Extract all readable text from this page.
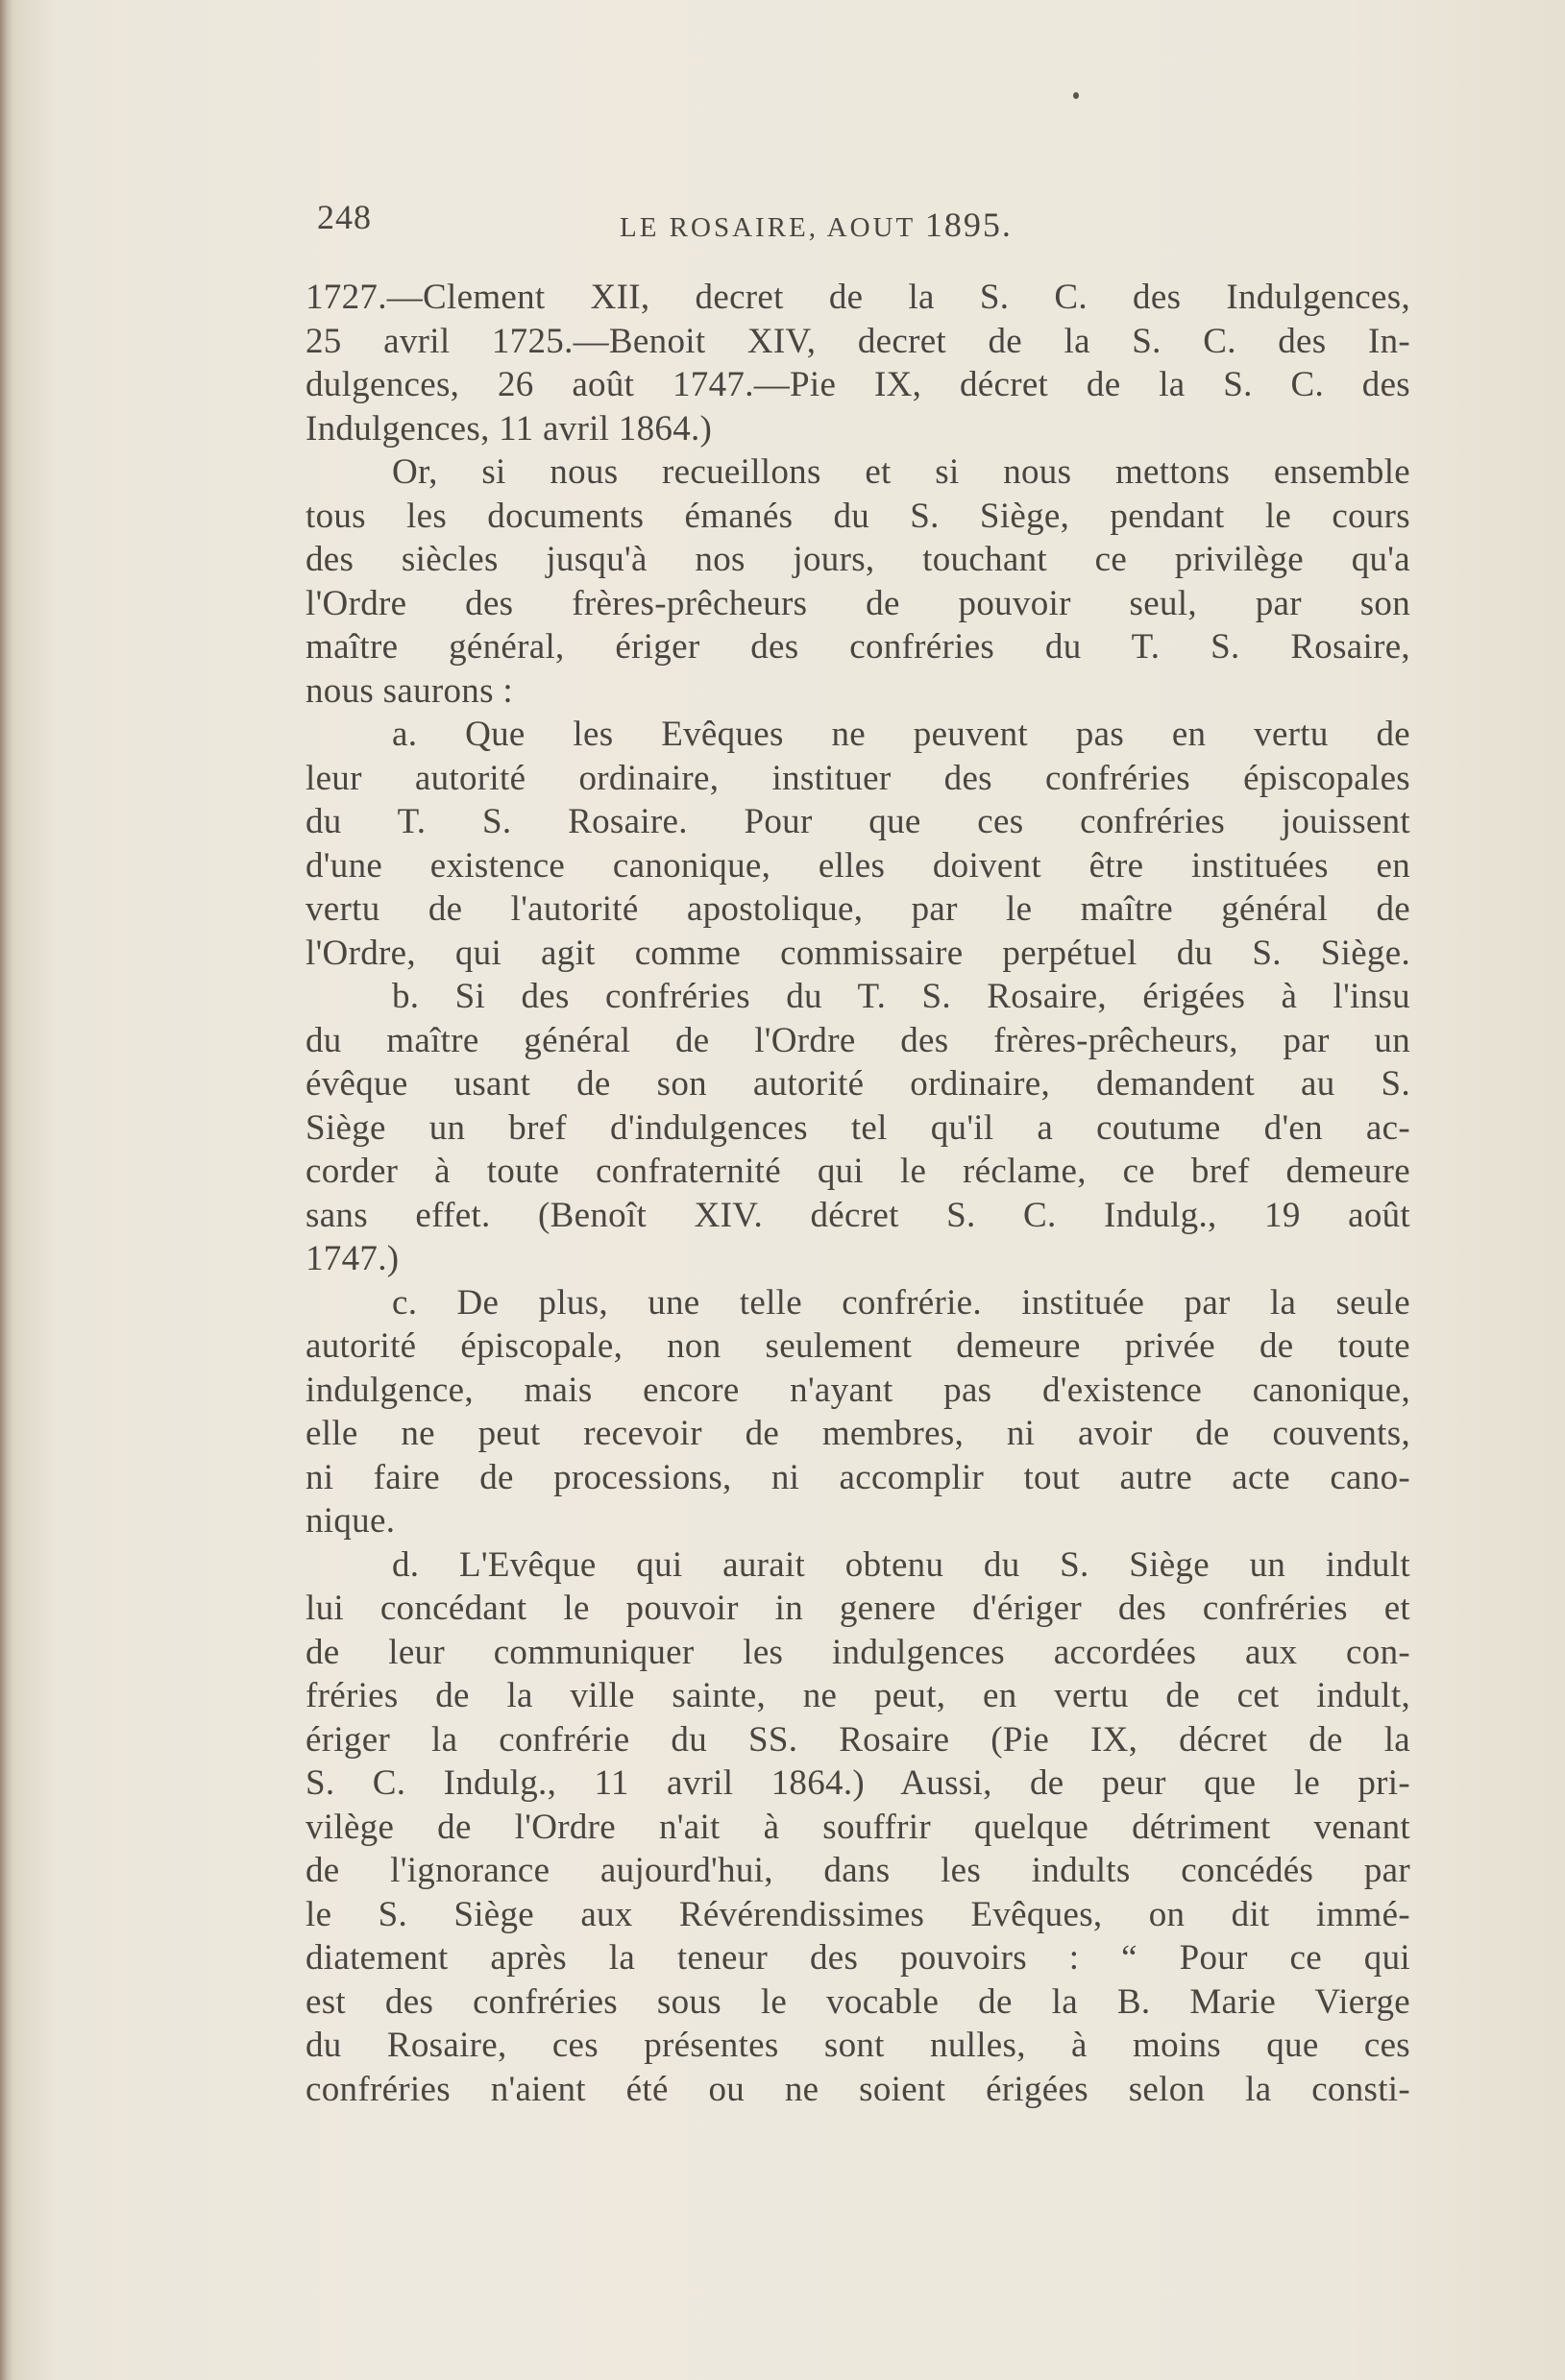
248	LE ROSAIRE, AOUT 1895.
1727.—Clement XII, decret de la S. C. des Indulgences,
25 avril 1725.—Benoit XIV, decret de la S. C. des In-
dulgences, 26 août 1747.—Pie IX, décret de la S. C. des
Indulgences, 11 avril 1864.)
Or, si nous recueillons et si nous mettons ensemble
tous les documents émanés du S. Siège, pendant le cours
des siècles jusqu'à nos jours, touchant ce privilège qu'a
l'Ordre des frères-prêcheurs de pouvoir seul, par son
maître général, ériger des confréries du T. S. Rosaire,
nous saurons :
a. Que les Evêques ne peuvent pas en vertu de
leur autorité ordinaire, instituer des confréries épiscopales
du T. S. Rosaire. Pour que ces confréries jouissent
d'une existence canonique, elles doivent être instituées en
vertu de l'autorité apostolique, par le maître général de
l'Ordre, qui agit comme commissaire perpétuel du S. Siège.
b. Si des confréries du T. S. Rosaire, érigées à l'insu
du maître général de l'Ordre des frères-prêcheurs, par un
évêque usant de son autorité ordinaire, demandent au S.
Siège un bref d'indulgences tel qu'il a coutume d'en ac-
corder à toute confraternité qui le réclame, ce bref demeure
sans effet. (Benoît XIV. décret S. C. Indulg., 19 août
1747.)
c. De plus, une telle confrérie. instituée par la seule
autorité épiscopale, non seulement demeure privée de toute
indulgence, mais encore n'ayant pas d'existence canonique,
elle ne peut recevoir de membres, ni avoir de couvents,
ni faire de processions, ni accomplir tout autre acte cano-
nique.
d. L'Evêque qui aurait obtenu du S. Siège un indult
lui concédant le pouvoir in genere d'ériger des confréries et
de leur communiquer les indulgences accordées aux con-
fréries de la ville sainte, ne peut, en vertu de cet indult,
ériger la confrérie du SS. Rosaire (Pie IX, décret de la
S. C. Indulg., 11 avril 1864.) Aussi, de peur que le pri-
vilège de l'Ordre n'ait à souffrir quelque détriment venant
de l'ignorance aujourd'hui, dans les indults concédés par
le S. Siège aux Révérendissimes Evêques, on dit immé-
diatement après la teneur des pouvoirs : “ Pour ce qui
est des confréries sous le vocable de la B. Marie Vierge
du Rosaire, ces présentes sont nulles, à moins que ces
confréries n'aient été ou ne soient érigées selon la consti-
